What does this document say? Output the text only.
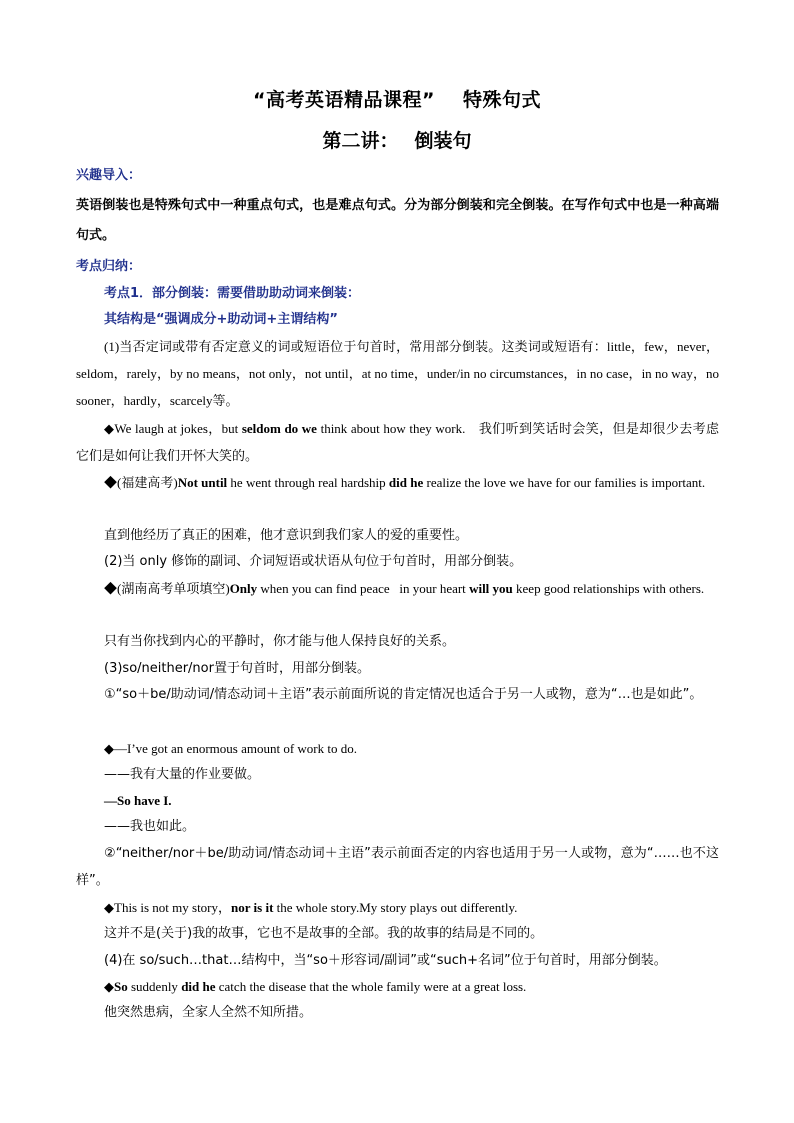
“高考英语精品课程” 特殊句式
第二讲： 倒装句
兴趣导入：
英语倒装也是特殊句式中一种重点句式，也是难点句式。分为部分倒装和完全倒装。在写作句式中也是一种高端句式。
考点归纳：
考点1．部分倒装：需要借助助动词来倒装：
其结构是“强调成分+助动词+主谓结构”
(1)当否定词或带有否定意义的词或短语位于句首时，常用部分倒装。这类词或短语有：little，few，never，seldom，rarely，by no means，not only，not until，at no time，under/in no circumstances，in no case，in no way，no sooner，hardly，scarcely等。
◆We laugh at jokes，but seldom do we think about how they work. 我们听到笑话时会笑，但是却很少去考虑它们是如何让我们开怀大笑的。
◆(福建高考)Not until he went through real hardship did he realize the love we have for our families is important.
直到他经历了真正的困难，他才意识到我们家人的爱的重要性。
(2)当 only 修饰的副词、介词短语或状语从句位于句首时，用部分倒装。
◆(湖南高考单项填空)Only when you can find peace   in your heart will you keep good relationships with others.
只有当你找到内心的平静时，你才能与他人保持良好的关系。
(3)so/neither/nor置于句首时，用部分倒装。
①“so＋be/助动词/情态动词＋主语”表示前面所说的肯定情况也适合于另一人或物，意为“…也是如此”。
◆—I’ve got an enormous amount of work to do.
——我有大量的作业要做。
—So have I.
——我也如此。
②“neither/nor＋be/助动词/情态动词＋主语”表示前面否定的内容也适用于另一人或物，意为“……也不这样”。
◆This is not my story，nor is it the whole story.My story plays out differently.
这并不是(关于)我的故事，它也不是故事的全部。我的故事的结局是不同的。
(4)在 so/such…that…结构中，当“so＋形容词/副词”或“such+名词”位于句首时，用部分倒装。
◆So suddenly did he catch the disease that the whole family were at a great loss.
他突然患病，全家人全然不知所措。
